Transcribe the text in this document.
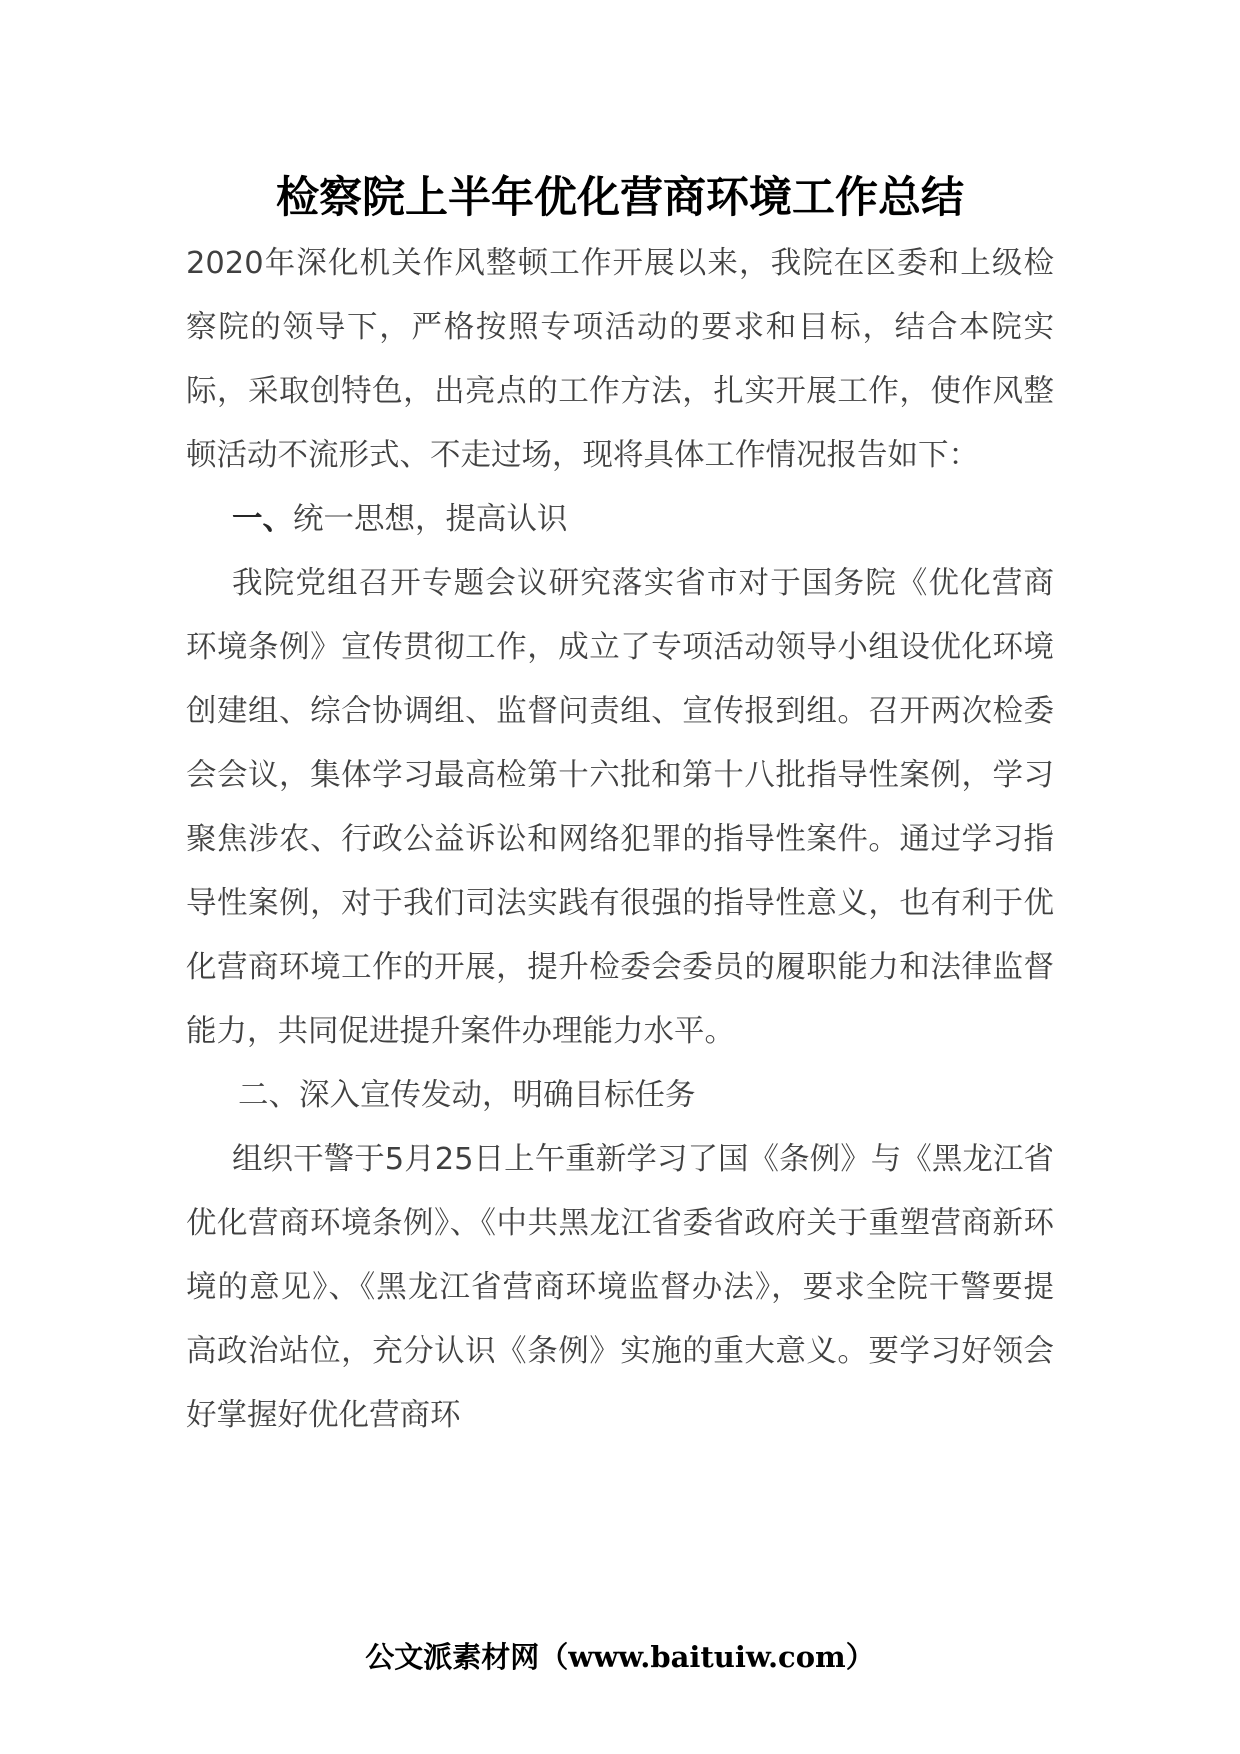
检察院上半年优化营商环境工作总结

2020年深化机关作风整顿工作开展以来，我院在区委和上级检察院的领导下，严格按照专项活动的要求和目标，结合本院实际，采取创特色，出亮点的工作方法，扎实开展工作，使作风整顿活动不流形式、不走过场，现将具体工作情况报告如下：

一、统一思想，提高认识

我院党组召开专题会议研究落实省市对于国务院《优化营商环境条例》宣传贯彻工作，成立了专项活动领导小组设优化环境创建组、综合协调组、监督问责组、宣传报到组。召开两次检委会会议，集体学习最高检第十六批和第十八批指导性案例，学习聚焦涉农、行政公益诉讼和网络犯罪的指导性案件。通过学习指导性案例，对于我们司法实践有很强的指导性意义，也有利于优化营商环境工作的开展，提升检委会委员的履职能力和法律监督能力，共同促进提升案件办理能力水平。

二、深入宣传发动，明确目标任务

组织干警于5月25日上午重新学习了国《条例》与《黑龙江省优化营商环境条例》、《中共黑龙江省委省政府关于重塑营商新环境的意见》、《黑龙江省营商环境监督办法》，要求全院干警要提高政治站位，充分认识《条例》实施的重大意义。要学习好领会好掌握好优化营商环

公文派素材网（www.baituiw.com）
